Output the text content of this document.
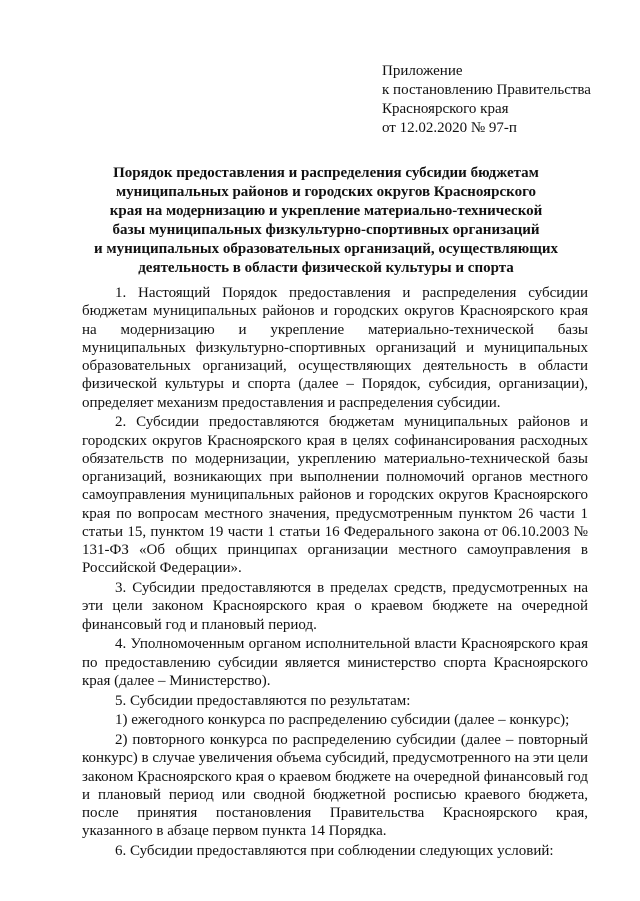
Приложение
к постановлению Правительства
Красноярского края
от 12.02.2020 № 97-п
Порядок предоставления и распределения субсидии бюджетам
муниципальных районов и городских округов Красноярского
края на модернизацию и укрепление материально-технической
базы муниципальных физкультурно-спортивных организаций
и муниципальных образовательных организаций, осуществляющих
деятельность в области физической культуры и спорта

1. Настоящий Порядок предоставления и распределения субсидии бюджетам муниципальных районов и городских округов Красноярского края на модернизацию и укрепление материально-технической базы муниципальных физкультурно-спортивных организаций и муниципальных образовательных организаций, осуществляющих деятельность в области физической культуры и спорта (далее – Порядок, субсидия, организации), определяет механизм предоставления и распределения субсидии.

2. Субсидии предоставляются бюджетам муниципальных районов и городских округов Красноярского края в целях софинансирования расходных обязательств по модернизации, укреплению материально-технической базы организаций, возникающих при выполнении полномочий органов местного самоуправления муниципальных районов и городских округов Красноярского края по вопросам местного значения, предусмотренным пунктом 26 части 1 статьи 15, пунктом 19 части 1 статьи 16 Федерального закона от 06.10.2003 № 131-ФЗ «Об общих принципах организации местного самоуправления в Российской Федерации».

3. Субсидии предоставляются в пределах средств, предусмотренных на эти цели законом Красноярского края о краевом бюджете на очередной финансовый год и плановый период.

4. Уполномоченным органом исполнительной власти Красноярского края по предоставлению субсидии является министерство спорта Красноярского края (далее – Министерство).

5. Субсидии предоставляются по результатам:

1) ежегодного конкурса по распределению субсидии (далее – конкурс);

2) повторного конкурса по распределению субсидии (далее – повторный конкурс) в случае увеличения объема субсидий, предусмотренного на эти цели законом Красноярского края о краевом бюджете на очередной финансовый год и плановый период или сводной бюджетной росписью краевого бюджета, после принятия постановления Правительства Красноярского края, указанного в абзаце первом пункта 14 Порядка.

6. Субсидии предоставляются при соблюдении следующих условий:
